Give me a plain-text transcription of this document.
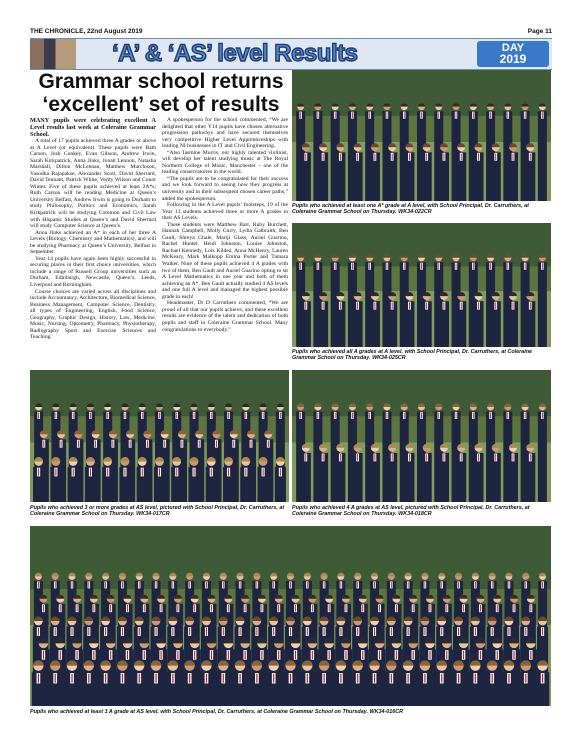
THE CHRONICLE, 22nd August 2019	Page 11
‘A’ & ‘AS’ level Results	DAY
2019
Grammar school returns
‘excellent’ set of results

MANY pupils were celebrating excellent A Level results last week at Coleraine Grammar School.

A total of 17 pupils achieved three A grades or above at A Level (or equivalent). These pupils were Bath Carson, Josh Conkey, Evan Gibson, Andrew Irwin, Sarah Kirkpatrick, Anna Jinks, Jonah Lennon, Natasha Marshall, Dillon McLennan, Matthew Murchison, Yasodha Rajapakse, Alexander Scott, David Sherrard, David Tennant, Patrick White, Verity Wilson and Conor Winter. Five of these pupils achieved at least 2A*s; Ruth Carson will be reading Medicine at Queen’s University Belfast, Andrew Irwin is going to Durham to study Philosophy, Politics and Economics, Sarah Kirkpatrick will be studying Common and Civil Law with Hispanic Studies at Queen’s and David Sherrard will study Computer Science at Queen’s.

Anna Jinks achieved an A* in each of her three A Levels (Biology, Chemistry and Mathematics), and will be studying Pharmacy at Queen’s University, Belfast in September.

Year 14 pupils have again been highly successful in securing places in their first choice universities, which include a range of Russell Group universities such as Durham, Edinburgh, Newcastle, Queen’s, Leeds, Liverpool and Birmingham.

Course choices are varied across all disciplines and include Accountancy, Architecture, Biomedical Science, Business Management, Computer Science, Dentistry, all types of Engineering, English, Food Science, Geography, Graphic Design, History, Law, Medicine, Music, Nursing, Optometry, Pharmacy, Physiotherapy, Radiography Sport and Exercise Sciences and Teaching.

A spokesperson for the school commented, “We are delighted that other Y14 pupils have chosen alternative progression pathways and have secured themselves very competitive Higher Level Apprenticeships with leading NI businesses in IT and Civil Engineering.

“Also Jasmine Morris, our highly talented violinist, will develop her talent studying music at The Royal Northern College of Music, Manchester – one of the leading conservatoires in the world.

“The pupils are to be congratulated for their success and we look forward to seeing how they progress at university and in their subsequent chosen career paths,” added the spokesperson.

Following in the A Level pupils’ footsteps, 19 of the Year 13 students achieved three or more A grades in their AS Levels.

These students were Matthew Barr, Ruby Burchett, Hannah Campbell, Molly Curry, Lydia Galbraith, Ben Gault, Shreya Ghale, Mariji Glass, Auriel Guarino, Rachel Hunter, Heidi Johnston, Louise Johnston, Rachael Kennedy, Lois Kildea, Anna McHenry, Lauren McKeary, Mark Malkopp Emma Porter and Tamara Walker. Nine of these pupils achieved 4 A grades with two of them, Ben Gault and Auriel Guarino opting to sit A Level Mathematics in one year and both of them achieving an A*. Ben Gault actually studied 4 AS levels and one full A level and managed the highest possible grade in each!

Headmaster, Dr D Carruthers commented, “We are proud of all that our pupils achieve, and these excellent results are evidence of the talent and dedication of both pupils and staff in Coleraine Grammar School. Many congratulations to everybody.”

Pupils who achieved at least one A* grade at A level, with School Principal, Dr. Carruthers, at Coleraine Grammar School on Thursday. WK34-022CR

Pupils who achieved all A grades at A level, with School Principal, Dr. Carruthers, at Coleraine Grammar School on Thursday. WK34-025CR

Pupils who achieved 3 or more grades at AS level, pictured with School Principal, Dr. Carruthers, at Coleraine Grammar School on Thursday. WK34-017CR

Pupils who achieved 4 A grades at AS level, pictured with School Principal, Dr. Carruthers, at Coleraine Grammar School on Thursday. WK34-018CR

Pupils who achieved at least 1 A grade at AS level, with School Principal, Dr. Carruthers, at Coleraine Grammar School on Thursday. WK34-016CR
